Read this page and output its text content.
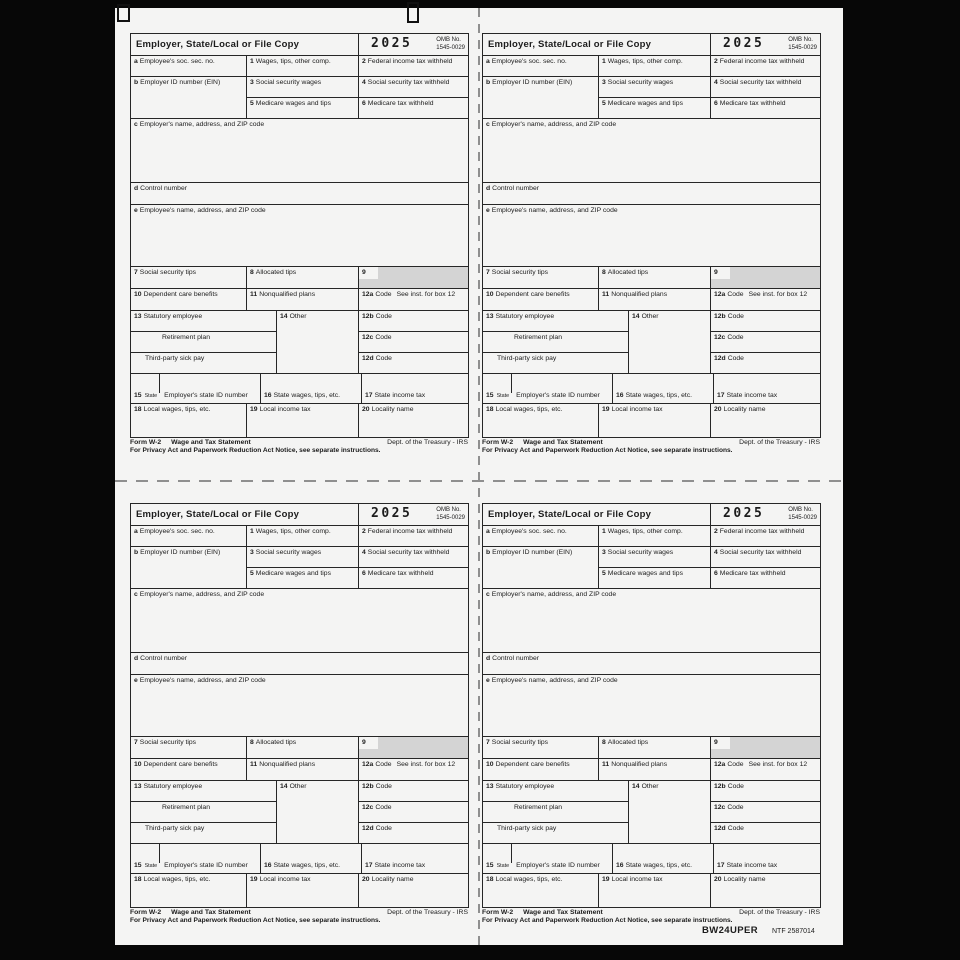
Employer, State/Local or File Copy	2025	OMB No.
1545-0029
a Employee's soc. sec. no.	1 Wages, tips, other comp.	2 Federal income tax withheld
b Employer ID number (EIN)	3 Social security wages	4 Social security tax withheld
5 Medicare wages and tips	6 Medicare tax withheld
c Employer's name, address, and ZIP code
d Control number
e Employee's name, address, and ZIP code
7 Social security tips	8 Allocated tips	9
10 Dependent care benefits	11 Nonqualified plans	12a Code See inst. for box 12
13 Statutory employee	14 Other	12b Code
Retirement plan	12c Code
Third-party sick pay	12d Code
15 State Employer's state ID number 16 State wages, tips, etc.	17 State income tax
18 Local wages, tips, etc.	19 Local income tax	20 Locality name
Form W-2 Wage and Tax Statement	Dept. of the Treasury - IRS
For Privacy Act and Paperwork Reduction Act Notice, see separate instructions.
Employer, State/Local or File Copy	2025	OMB No.
1545-0029
a Employee's soc. sec. no.	1 Wages, tips, other comp.	2 Federal income tax withheld
b Employer ID number (EIN)	3 Social security wages	4 Social security tax withheld
5 Medicare wages and tips	6 Medicare tax withheld
c Employer's name, address, and ZIP code
d Control number
e Employee's name, address, and ZIP code
7 Social security tips	8 Allocated tips	9
10 Dependent care benefits	11 Nonqualified plans	12a Code See inst. for box 12
13 Statutory employee	14 Other	12b Code
Retirement plan	12c Code
Third-party sick pay	12d Code
15 State Employer's state ID number 16 State wages, tips, etc.	17 State income tax
18 Local wages, tips, etc.	19 Local income tax	20 Locality name
Form W-2 Wage and Tax Statement	Dept. of the Treasury - IRS
For Privacy Act and Paperwork Reduction Act Notice, see separate instructions.
Employer, State/Local or File Copy	2025	OMB No.
1545-0029
a Employee's soc. sec. no.	1 Wages, tips, other comp.	2 Federal income tax withheld
b Employer ID number (EIN)	3 Social security wages	4 Social security tax withheld
5 Medicare wages and tips	6 Medicare tax withheld
c Employer's name, address, and ZIP code
d Control number
e Employee's name, address, and ZIP code
7 Social security tips	8 Allocated tips	9
10 Dependent care benefits	11 Nonqualified plans	12a Code See inst. for box 12
13 Statutory employee	14 Other	12b Code
Retirement plan	12c Code
Third-party sick pay	12d Code
15 State Employer's state ID number 16 State wages, tips, etc.	17 State income tax
18 Local wages, tips, etc.	19 Local income tax	20 Locality name
Form W-2 Wage and Tax Statement	Dept. of the Treasury - IRS
For Privacy Act and Paperwork Reduction Act Notice, see separate instructions.
Employer, State/Local or File Copy	2025	OMB No.
1545-0029
a Employee's soc. sec. no.	1 Wages, tips, other comp.	2 Federal income tax withheld
b Employer ID number (EIN)	3 Social security wages	4 Social security tax withheld
5 Medicare wages and tips	6 Medicare tax withheld
c Employer's name, address, and ZIP code
d Control number
e Employee's name, address, and ZIP code
7 Social security tips	8 Allocated tips	9
10 Dependent care benefits	11 Nonqualified plans	12a Code See inst. for box 12
13 Statutory employee	14 Other	12b Code
Retirement plan	12c Code
Third-party sick pay	12d Code
15 State Employer's state ID number 16 State wages, tips, etc.	17 State income tax
18 Local wages, tips, etc.	19 Local income tax	20 Locality name
Form W-2 Wage and Tax Statement	Dept. of the Treasury - IRS
For Privacy Act and Paperwork Reduction Act Notice, see separate instructions.
BW24UPER NTF 2587014
